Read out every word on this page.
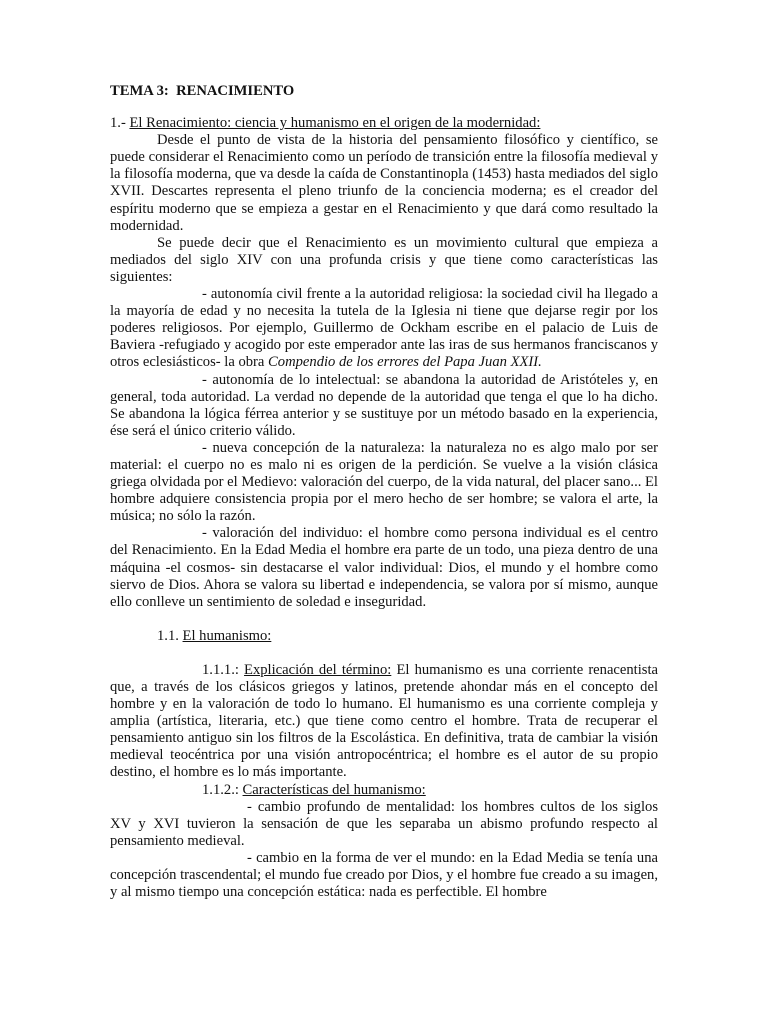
TEMA 3:  RENACIMIENTO
1.- El Renacimiento: ciencia y humanismo en el origen de la modernidad:

Desde el punto de vista de la historia del pensamiento filosófico y científico, se puede considerar el Renacimiento como un período de transición entre la filosofía medieval y la filosofía moderna, que va desde la caída de Constantinopla (1453) hasta mediados del siglo XVII. Descartes representa el pleno triunfo de la conciencia moderna; es el creador del espíritu moderno que se empieza a gestar en el Renacimiento y que dará como resultado la modernidad.

Se puede decir que el Renacimiento es un movimiento cultural que empieza a mediados del siglo XIV con una profunda crisis y que tiene como características las siguientes:

- autonomía civil frente a la autoridad religiosa: la sociedad civil ha llegado a la mayoría de edad y no necesita la tutela de la Iglesia ni tiene que dejarse regir por los poderes religiosos. Por ejemplo, Guillermo de Ockham escribe en el palacio de Luis de Baviera -refugiado y acogido por este emperador ante las iras de sus hermanos franciscanos y otros eclesiásticos- la obra Compendio de los errores del Papa Juan XXII.

- autonomía de lo intelectual: se abandona la autoridad de Aristóteles y, en general, toda autoridad. La verdad no depende de la autoridad que tenga el que lo ha dicho. Se abandona la lógica férrea anterior y se sustituye por un método basado en la experiencia, ése será el único criterio válido.

- nueva concepción de la naturaleza: la naturaleza no es algo malo por ser material: el cuerpo no es malo ni es origen de la perdición. Se vuelve a la visión clásica griega olvidada por el Medievo: valoración del cuerpo, de la vida natural, del placer sano... El hombre adquiere consistencia propia por el mero hecho de ser hombre; se valora el arte, la música; no sólo la razón.

- valoración del individuo: el hombre como persona individual es el centro del Renacimiento. En la Edad Media el hombre era parte de un todo, una pieza dentro de una máquina -el cosmos- sin destacarse el valor individual: Dios, el mundo y el hombre como siervo de Dios. Ahora se valora su libertad e independencia, se valora por sí mismo, aunque ello conlleve un sentimiento de soledad e inseguridad.

1.1. El humanismo:

1.1.1.: Explicación del término: El humanismo es una corriente renacentista que, a través de los clásicos griegos y latinos, pretende ahondar más en el concepto del hombre y en la valoración de todo lo humano. El humanismo es una corriente compleja y amplia (artística, literaria, etc.) que tiene como centro el hombre. Trata de recuperar el pensamiento antiguo sin los filtros de la Escolástica. En definitiva, trata de cambiar la visión medieval teocéntrica por una visión antropocéntrica; el hombre es el autor de su propio destino, el hombre es lo más importante.

1.1.2.: Características del humanismo:

- cambio profundo de mentalidad: los hombres cultos de los siglos XV y XVI tuvieron la sensación de que les separaba un abismo profundo respecto al pensamiento medieval.

- cambio en la forma de ver el mundo: en la Edad Media se tenía una concepción trascendental; el mundo fue creado por Dios, y el hombre fue creado a su imagen, y al mismo tiempo una concepción estática: nada es perfectible. El hombre
